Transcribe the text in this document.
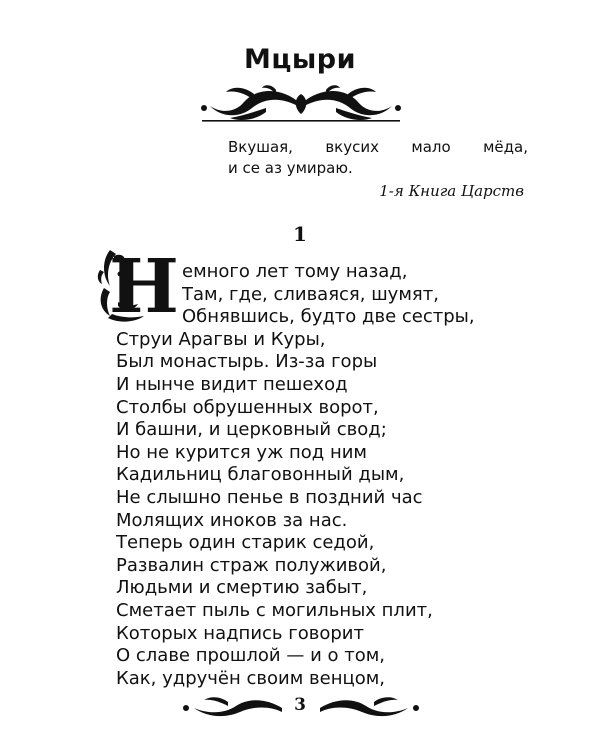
Мцыри
Вкушая, вкусих мало мёда,
и се аз умираю.
1-я Книга Царств
1
Н емного лет тому назад,
Там, где, сливаяся, шумят,
Обнявшись, будто две сестры,
Струи Арагвы и Куры,
Был монастырь. Из-за горы
И нынче видит пешеход
Столбы обрушенных ворот,
И башни, и церковный свод;
Но не курится уж под ним
Кадильниц благовонный дым,
Не слышно пенье в поздний час
Молящих иноков за нас.
Теперь один старик седой,
Развалин страж полуживой,
Людьми и смертию забыт,
Сметает пыль с могильных плит,
Которых надпись говорит
О славе прошлой — и о том,
Как, удручён своим венцом,
3
